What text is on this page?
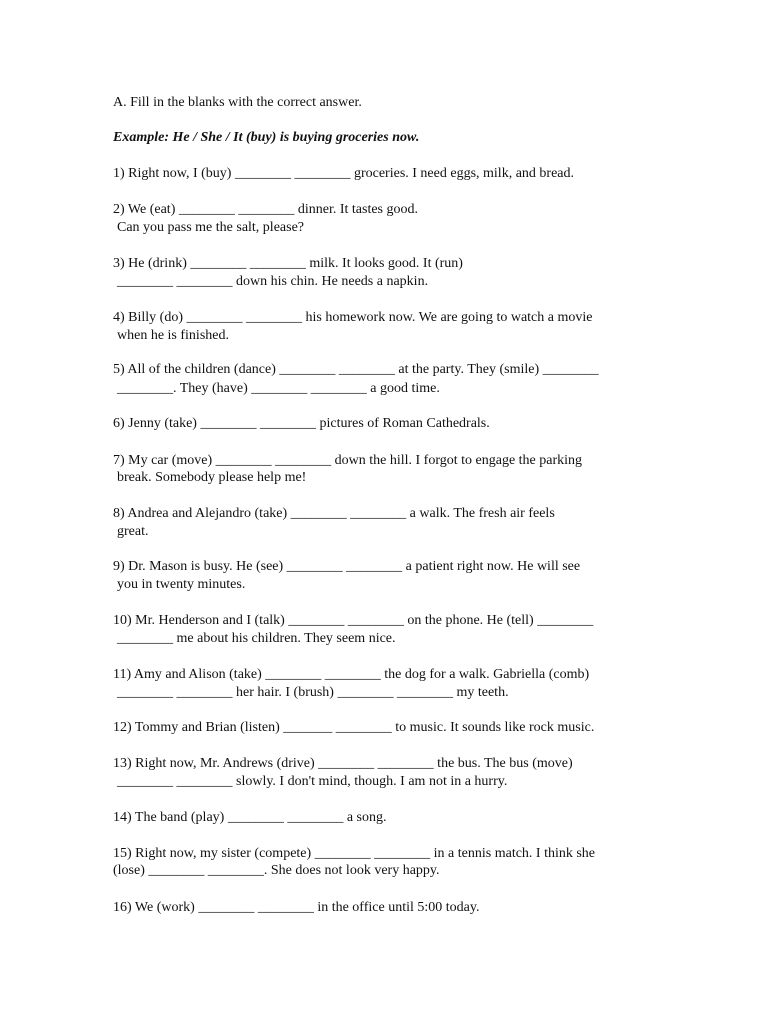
A. Fill in the blanks with the correct answer.
Example: He / She / It (buy) is buying groceries now.
1) Right now, I (buy) ________ ________ groceries. I need eggs, milk, and bread.
2) We (eat) ________ ________ dinner. It tastes good.
Can you pass me the salt, please?
3) He (drink) ________ ________ milk. It looks good. It (run)
________ ________ down his chin. He needs a napkin.
4) Billy (do) ________ ________ his homework now. We are going to watch a movie
when he is finished.
5) All of the children (dance) ________ ________ at the party. They (smile) ________
________. They (have) ________ ________ a good time.
6) Jenny (take) ________ ________ pictures of Roman Cathedrals.
7) My car (move) ________ ________ down the hill. I forgot to engage the parking
break. Somebody please help me!
8) Andrea and Alejandro (take) ________ ________ a walk. The fresh air feels
great.
9) Dr. Mason is busy. He (see) ________ ________ a patient right now. He will see
you in twenty minutes.
10) Mr. Henderson and I (talk) ________ ________ on the phone. He (tell) ________
________ me about his children. They seem nice.
11) Amy and Alison (take) ________ ________ the dog for a walk. Gabriella (comb)
________ ________ her hair. I (brush) ________ ________ my teeth.
12) Tommy and Brian (listen) _______ ________ to music. It sounds like rock music.
13) Right now, Mr. Andrews (drive) ________ ________ the bus. The bus (move)
________ ________ slowly. I don't mind, though. I am not in a hurry.
14) The band (play) ________ ________ a song.
15) Right now, my sister (compete) ________ ________ in a tennis match. I think she
(lose) ________ ________. She does not look very happy.
16) We (work) ________ ________ in the office until 5:00 today.
